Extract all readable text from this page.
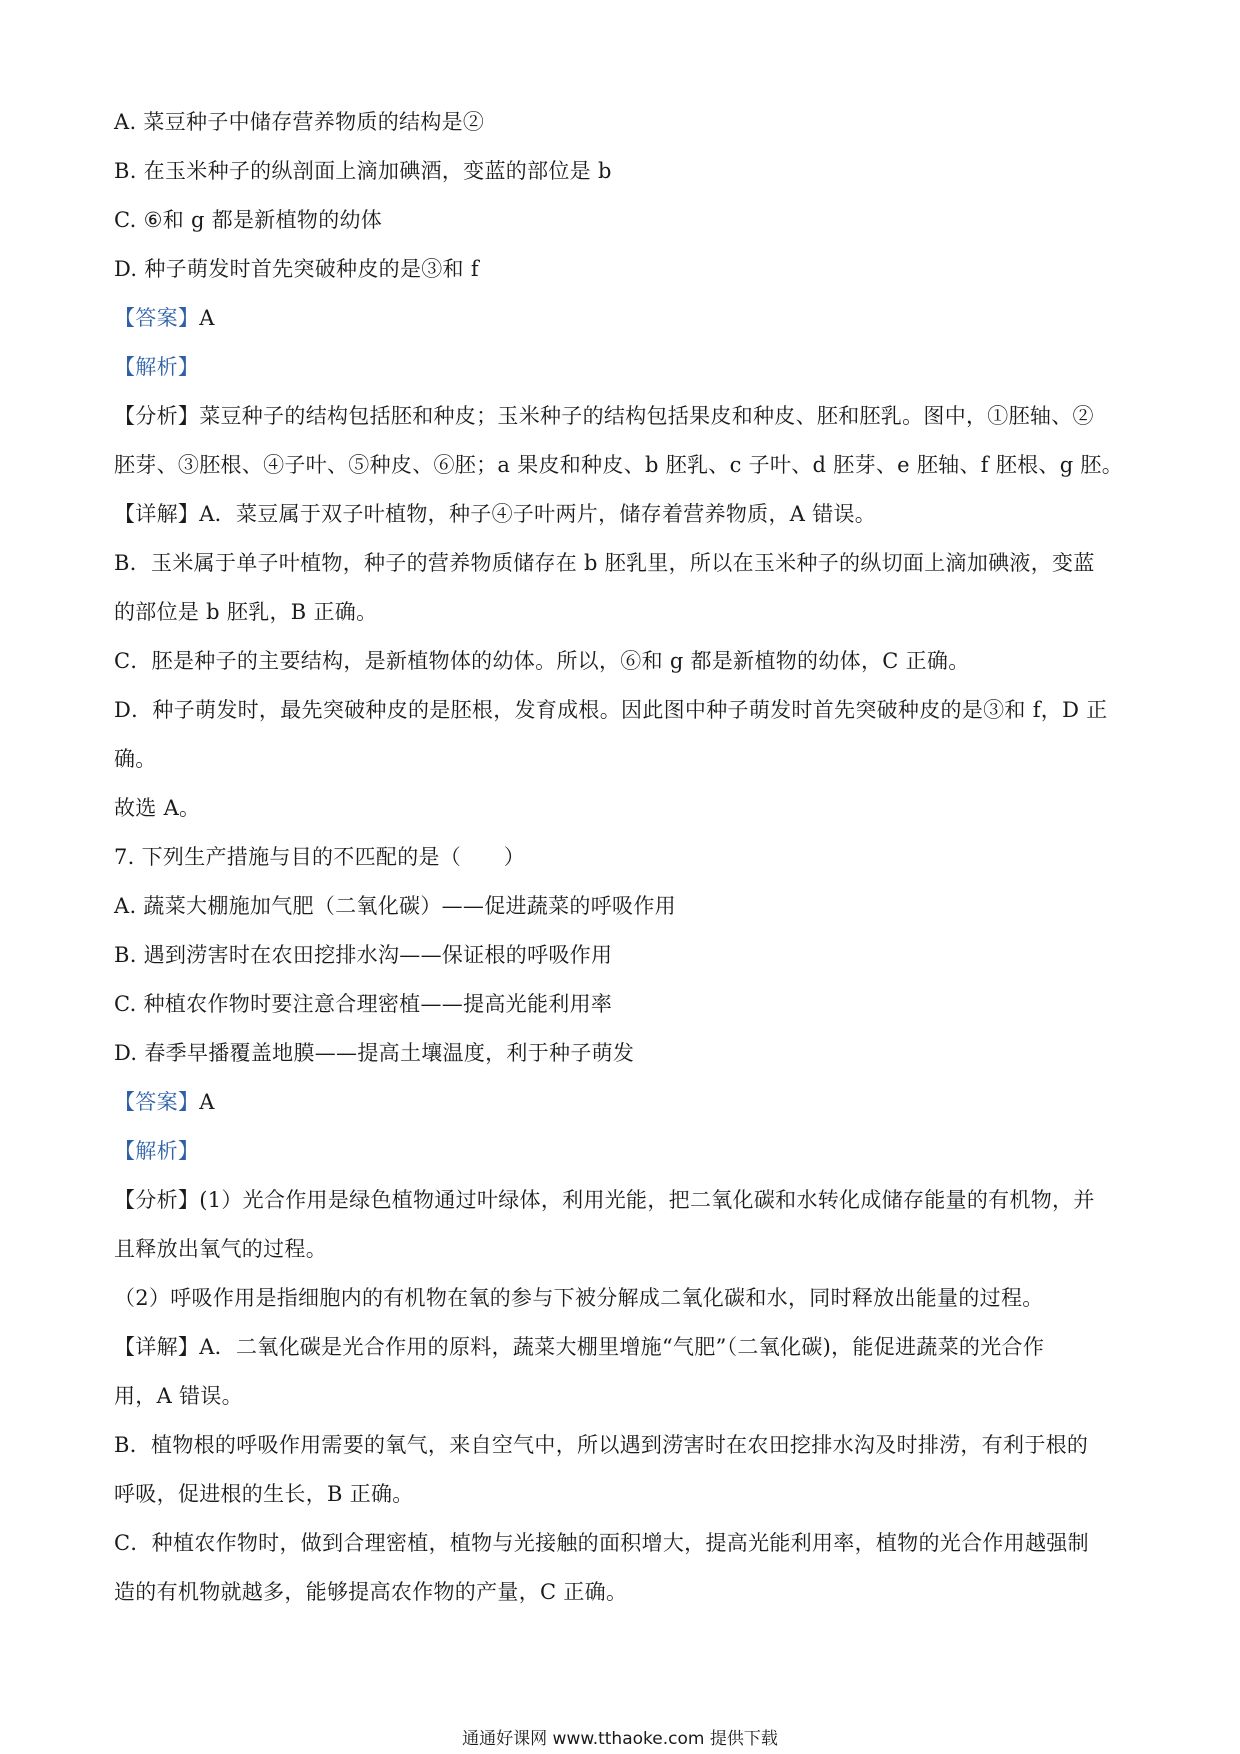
A. 菜豆种子中储存营养物质的结构是②
B. 在玉米种子的纵剖面上滴加碘酒，变蓝的部位是 b
C. ⑥和 g 都是新植物的幼体
D. 种子萌发时首先突破种皮的是③和 f
【答案】A
【解析】
【分析】菜豆种子的结构包括胚和种皮；玉米种子的结构包括果皮和种皮、胚和胚乳。图中，①胚轴、②
胚芽、③胚根、④子叶、⑤种皮、⑥胚；a 果皮和种皮、b 胚乳、c 子叶、d 胚芽、e 胚轴、f 胚根、g 胚。
【详解】A．菜豆属于双子叶植物，种子④子叶两片，储存着营养物质，A 错误。
B．玉米属于单子叶植物，种子的营养物质储存在 b 胚乳里，所以在玉米种子的纵切面上滴加碘液，变蓝
的部位是 b 胚乳，B 正确。
C．胚是种子的主要结构，是新植物体的幼体。所以，⑥和 g 都是新植物的幼体，C 正确。
D．种子萌发时，最先突破种皮的是胚根，发育成根。因此图中种子萌发时首先突破种皮的是③和 f，D 正
确。
故选 A。
7. 下列生产措施与目的不匹配的是（　　）
A. 蔬菜大棚施加气肥（二氧化碳）——促进蔬菜的呼吸作用
B. 遇到涝害时在农田挖排水沟——保证根的呼吸作用
C. 种植农作物时要注意合理密植——提高光能利用率
D. 春季早播覆盖地膜——提高土壤温度，利于种子萌发
【答案】A
【解析】
【分析】(1）光合作用是绿色植物通过叶绿体，利用光能，把二氧化碳和水转化成储存能量的有机物，并
且释放出氧气的过程。
（2）呼吸作用是指细胞内的有机物在氧的参与下被分解成二氧化碳和水，同时释放出能量的过程。
【详解】A．二氧化碳是光合作用的原料，蔬菜大棚里增施“气肥”（二氧化碳)，能促进蔬菜的光合作
用，A 错误。
B．植物根的呼吸作用需要的氧气，来自空气中，所以遇到涝害时在农田挖排水沟及时排涝，有利于根的
呼吸，促进根的生长，B 正确。
C．种植农作物时，做到合理密植，植物与光接触的面积增大，提高光能利用率，植物的光合作用越强制
造的有机物就越多，能够提高农作物的产量，C 正确。
通通好课网 www.tthaoke.com 提供下载
